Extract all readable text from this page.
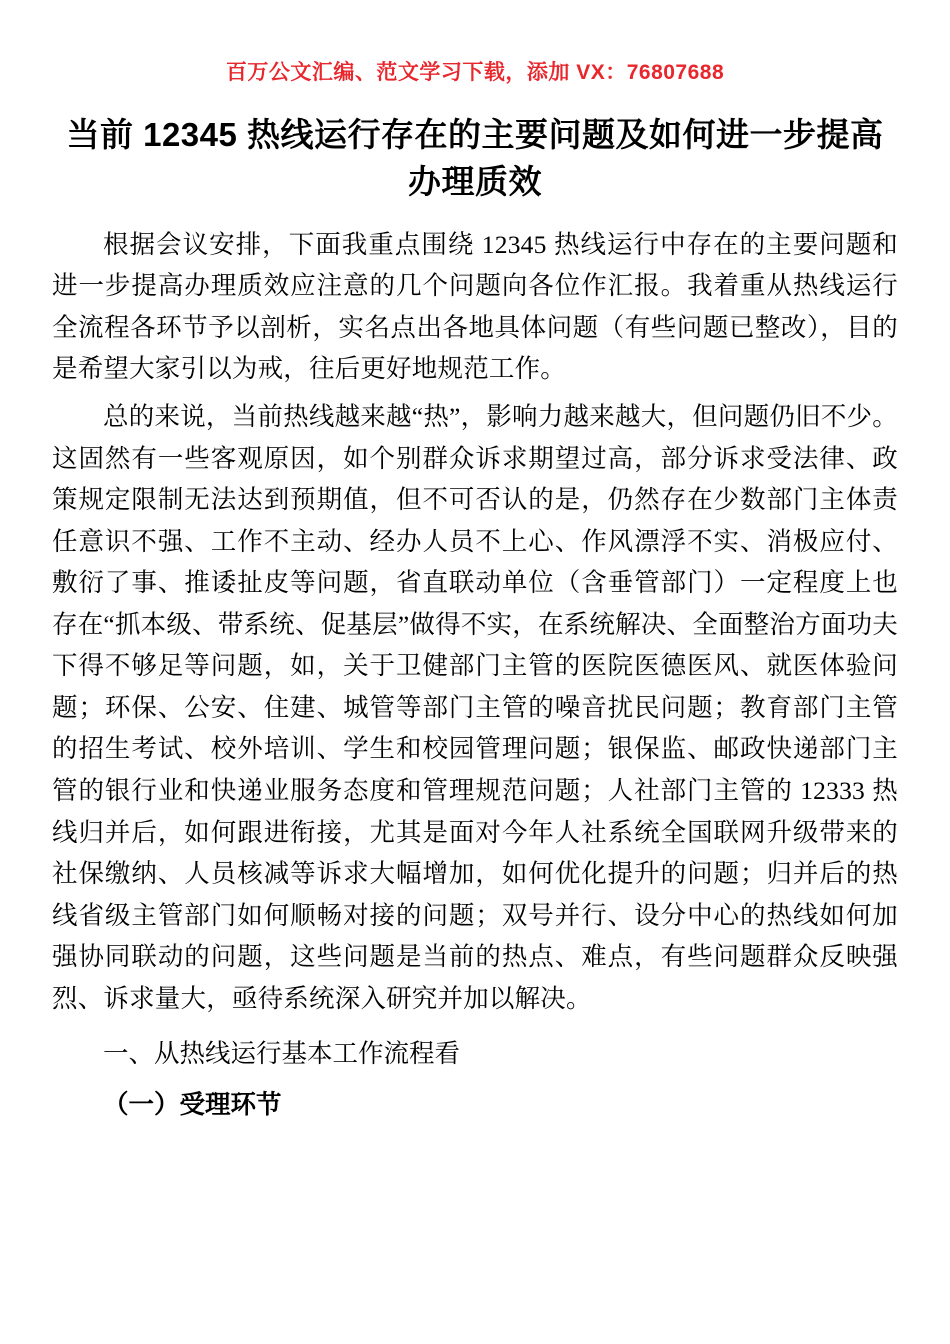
百万公文汇编、范文学习下载，添加 VX：76807688
当前 12345 热线运行存在的主要问题及如何进一步提高办理质效

根据会议安排，下面我重点围绕 12345 热线运行中存在的主要问题和进一步提高办理质效应注意的几个问题向各位作汇报。我着重从热线运行全流程各环节予以剖析，实名点出各地具体问题（有些问题已整改），目的是希望大家引以为戒，往后更好地规范工作。

总的来说，当前热线越来越“热”，影响力越来越大，但问题仍旧不少。这固然有一些客观原因，如个别群众诉求期望过高，部分诉求受法律、政策规定限制无法达到预期值，但不可否认的是，仍然存在少数部门主体责任意识不强、工作不主动、经办人员不上心、作风漂浮不实、消极应付、敷衍了事、推诿扯皮等问题，省直联动单位（含垂管部门）一定程度上也存在“抓本级、带系统、促基层”做得不实，在系统解决、全面整治方面功夫下得不够足等问题，如，关于卫健部门主管的医院医德医风、就医体验问题；环保、公安、住建、城管等部门主管的噪音扰民问题；教育部门主管的招生考试、校外培训、学生和校园管理问题；银保监、邮政快递部门主管的银行业和快递业服务态度和管理规范问题；人社部门主管的 12333 热线归并后，如何跟进衔接，尤其是面对今年人社系统全国联网升级带来的社保缴纳、人员核减等诉求大幅增加，如何优化提升的问题；归并后的热线省级主管部门如何顺畅对接的问题；双号并行、设分中心的热线如何加强协同联动的问题，这些问题是当前的热点、难点，有些问题群众反映强烈、诉求量大，亟待系统深入研究并加以解决。

一、从热线运行基本工作流程看

（一）受理环节
